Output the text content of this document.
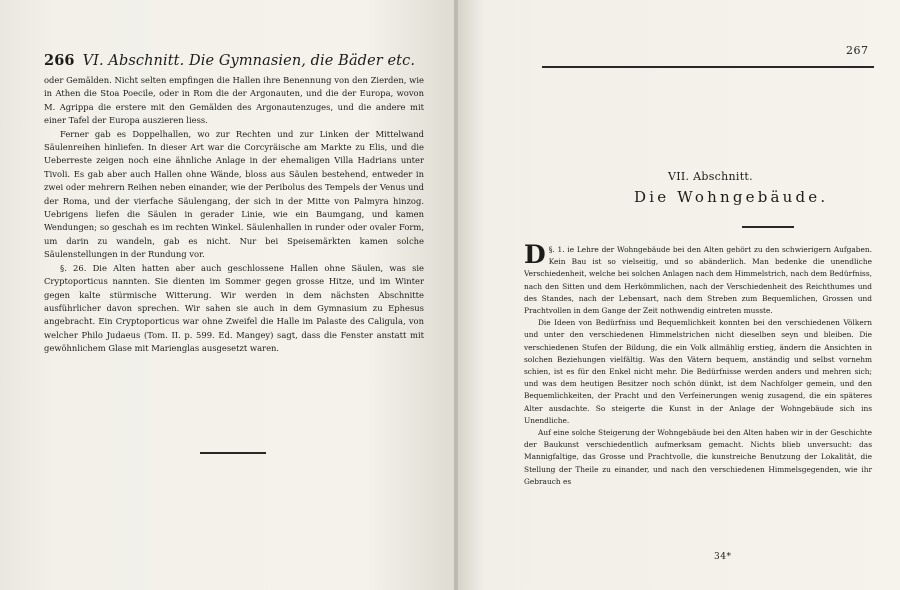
266 VI. Abschnitt. Die Gymnasien, die Bäder etc.

oder Gemälden. Nicht selten empfingen die Hallen ihre Benennung von den Zierden, wie in Athen die Stoa Poecile, oder in Rom die der Argonauten, und die der Europa, wovon M. Agrippa die erstere mit den Gemälden des Argonautenzuges, und die andere mit einer Tafel der Europa auszieren liess.

Ferner gab es Doppelhallen, wo zur Rechten und zur Linken der Mittelwand Säulenreihen hinliefen. In dieser Art war die Corcyräische am Markte zu Elis, und die Ueberreste zeigen noch eine ähnliche Anlage in der ehemaligen Villa Hadrians unter Tivoli. Es gab aber auch Hallen ohne Wände, bloss aus Säulen bestehend, entweder in zwei oder mehrern Reihen neben einander, wie der Peribolus des Tempels der Venus und der Roma, und der vierfache Säulengang, der sich in der Mitte von Palmyra hinzog. Uebrigens liefen die Säulen in gerader Linie, wie ein Baumgang, und kamen Wendungen; so geschah es im rechten Winkel. Säulenhallen in runder oder ovaler Form, um darin zu wandeln, gab es nicht. Nur bei Speisemärkten kamen solche Säulenstellungen in der Rundung vor.

§. 26. Die Alten hatten aber auch geschlossene Hallen ohne Säulen, was sie Cryptoporticus nannten. Sie dienten im Sommer gegen grosse Hitze, und im Winter gegen kalte stürmische Witterung. Wir werden in dem nächsten Abschnitte ausführlicher davon sprechen. Wir sahen sie auch in dem Gymnasium zu Ephesus angebracht. Ein Cryptoporticus war ohne Zweifel die Halle im Palaste des Caligula, von welcher Philo Judaeus (Tom. II. p. 599. Ed. Mangey) sagt, dass die Fenster anstatt mit gewöhnlichem Glase mit Marienglas ausgesetzt waren.

267
VII. Abschnitt.
Die Wohngebäude.

§. 1.
D	ie Lehre der Wohngebäude bei den Alten gehört zu den schwierigern Aufgaben. Kein Bau ist so vielseitig, und so abänderlich. Man bedenke die unendliche Verschiedenheit, welche bei solchen Anlagen nach dem Himmelstrich, nach dem Bedürfniss, nach den Sitten und dem Herkömmlichen, nach der Verschiedenheit des Reichthumes und des Standes, nach der Lebensart, nach dem Streben zum Bequemlichen, Grossen und Prachtvollen in dem Gange der Zeit nothwendig eintreten musste.

Die Ideen von Bedürfniss und Bequemlichkeit konnten bei den verschiedenen Völkern und unter den verschiedenen Himmelstrichen nicht dieselben seyn und bleiben. Die verschiedenen Stufen der Bildung, die ein Volk allmählig erstieg, ändern die Ansichten in solchen Beziehungen vielfältig. Was den Vätern bequem, anständig und selbst vornehm schien, ist es für den Enkel nicht mehr. Die Bedürfnisse werden anders und mehren sich; und was dem heutigen Besitzer noch schön dünkt, ist dem Nachfolger gemein, und den Bequemlichkeiten, der Pracht und den Verfeinerungen wenig zusagend, die ein späteres Alter ausdachte. So steigerte die Kunst in der Anlage der Wohngebäude sich ins Unendliche.

Auf eine solche Steigerung der Wohngebäude bei den Alten haben wir in der Geschichte der Baukunst verschiedentlich aufmerksam gemacht. Nichts blieb unversucht: das Mannigfaltige, das Grosse und Prachtvolle, die kunstreiche Benutzung der Lokalität, die Stellung der Theile zu einander, und nach den verschiedenen Himmelsgegenden, wie ihr Gebrauch es

34*
